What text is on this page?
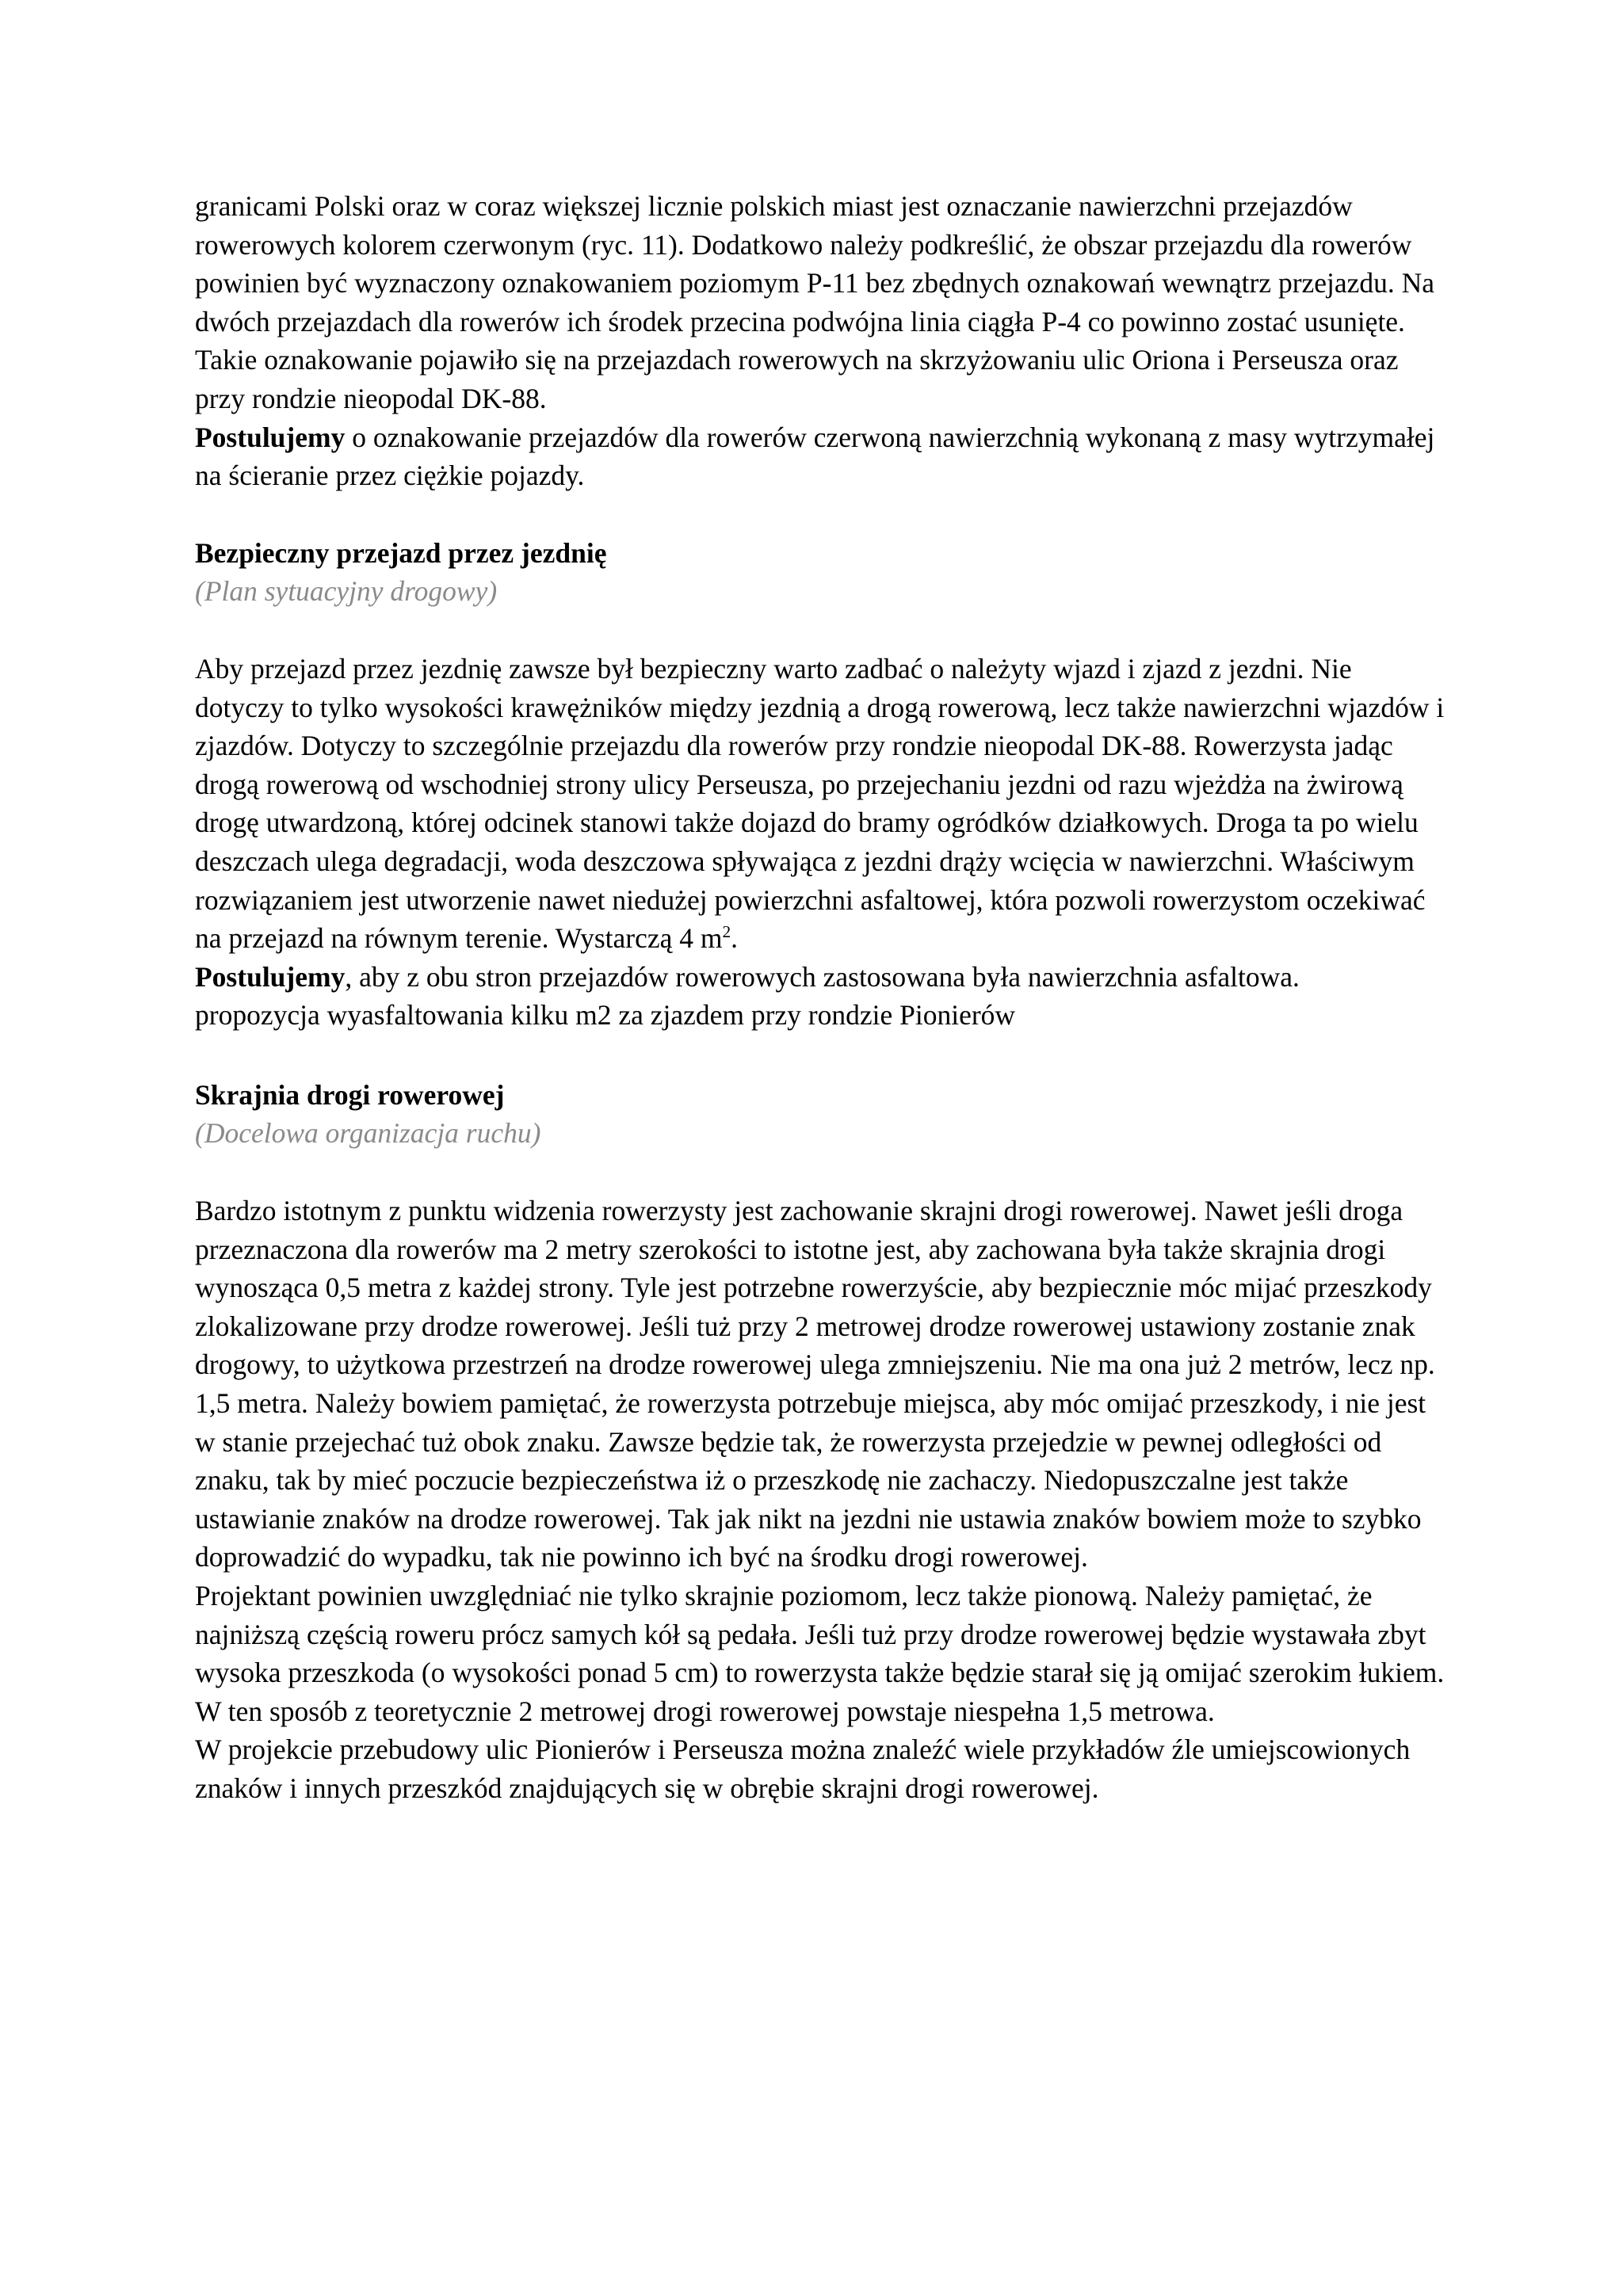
granicami Polski oraz w coraz większej licznie polskich miast jest oznaczanie nawierzchni przejazdów rowerowych kolorem czerwonym (ryc. 11). Dodatkowo należy podkreślić, że obszar przejazdu dla rowerów powinien być wyznaczony oznakowaniem poziomym P-11 bez zbędnych oznakowań wewnątrz przejazdu. Na dwóch przejazdach dla rowerów ich środek przecina podwójna linia ciągła P-4 co powinno zostać usunięte. Takie oznakowanie pojawiło się na przejazdach rowerowych na skrzyżowaniu ulic Oriona i Perseusza oraz przy rondzie nieopodal DK-88.

Postulujemy o oznakowanie przejazdów dla rowerów czerwoną nawierzchnią wykonaną z masy wytrzymałej na ścieranie przez ciężkie pojazdy.

Bezpieczny przejazd przez jezdnię

(Plan sytuacyjny drogowy)

Aby przejazd przez jezdnię zawsze był bezpieczny warto zadbać o należyty wjazd i zjazd z jezdni. Nie dotyczy to tylko wysokości krawężników między jezdnią a drogą rowerową, lecz także nawierzchni wjazdów i zjazdów. Dotyczy to szczególnie przejazdu dla rowerów przy rondzie nieopodal DK-88. Rowerzysta jadąc drogą rowerową od wschodniej strony ulicy Perseusza, po przejechaniu jezdni od razu wjeżdża na żwirową drogę utwardzoną, której odcinek stanowi także dojazd do bramy ogródków działkowych. Droga ta po wielu deszczach ulega degradacji, woda deszczowa spływająca z jezdni drąży wcięcia w nawierzchni. Właściwym rozwiązaniem jest utworzenie nawet niedużej powierzchni asfaltowej, która pozwoli rowerzystom oczekiwać na przejazd na równym terenie. Wystarczą 4 $m^2$.

Postulujemy, aby z obu stron przejazdów rowerowych zastosowana była nawierzchnia asfaltowa.

propozycja wyasfaltowania kilku m2 za zjazdem przy rondzie Pionierów

Skrajnia drogi rowerowej

(Docelowa organizacja ruchu)

Bardzo istotnym z punktu widzenia rowerzysty jest zachowanie skrajni drogi rowerowej. Nawet jeśli droga przeznaczona dla rowerów ma 2 metry szerokości to istotne jest, aby zachowana była także skrajnia drogi wynosząca 0,5 metra z każdej strony. Tyle jest potrzebne rowerzyście, aby bezpiecznie móc mijać przeszkody zlokalizowane przy drodze rowerowej. Jeśli tuż przy 2 metrowej drodze rowerowej ustawiony zostanie znak drogowy, to użytkowa przestrzeń na drodze rowerowej ulega zmniejszeniu. Nie ma ona już 2 metrów, lecz np. 1,5 metra. Należy bowiem pamiętać, że rowerzysta potrzebuje miejsca, aby móc omijać przeszkody, i nie jest w stanie przejechać tuż obok znaku. Zawsze będzie tak, że rowerzysta przejedzie w pewnej odległości od znaku, tak by mieć poczucie bezpieczeństwa iż o przeszkodę nie zachaczy. Niedopuszczalne jest także ustawianie znaków na drodze rowerowej. Tak jak nikt na jezdni nie ustawia znaków bowiem może to szybko doprowadzić do wypadku, tak nie powinno ich być na środku drogi rowerowej.

Projektant powinien uwzględniać nie tylko skrajnie poziomom, lecz także pionową. Należy pamiętać, że najniższą częścią roweru prócz samych kół są pedała. Jeśli tuż przy drodze rowerowej będzie wystawała zbyt wysoka przeszkoda (o wysokości ponad 5 cm) to rowerzysta także będzie starał się ją omijać szerokim łukiem. W ten sposób z teoretycznie 2 metrowej drogi rowerowej powstaje niespełna 1,5 metrowa.

W projekcie przebudowy ulic Pionierów i Perseusza można znaleźć wiele przykładów źle umiejscowionych znaków i innych przeszkód znajdujących się w obrębie skrajni drogi rowerowej.
